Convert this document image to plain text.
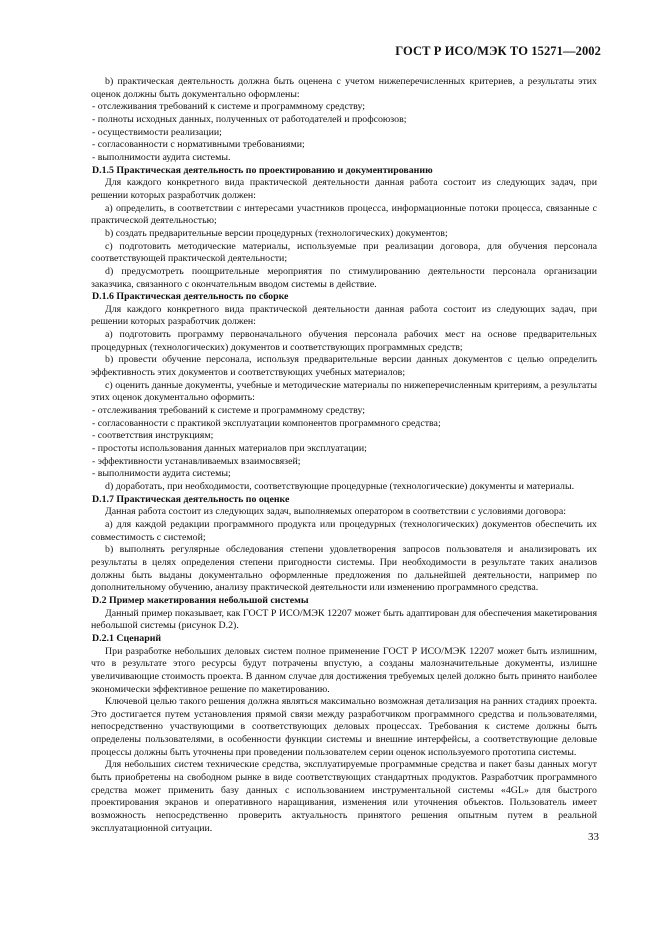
ГОСТ Р ИСО/МЭК ТО 15271—2002
b) практическая деятельность должна быть оценена с учетом нижеперечисленных критериев, а результаты этих оценок должны быть документально оформлены:
- отслеживания требований к системе и программному средству;
- полноты исходных данных, полученных от работодателей и профсоюзов;
- осуществимости реализации;
- согласованности с нормативными требованиями;
- выполнимости аудита системы.
D.1.5 Практическая деятельность по проектированию и документированию
Для каждого конкретного вида практической деятельности данная работа состоит из следующих задач, при решении которых разработчик должен:
а) определить, в соответствии с интересами участников процесса, информационные потоки процесса, связанные с практической деятельностью;
b) создать предварительные версии процедурных (технологических) документов;
c) подготовить методические материалы, используемые при реализации договора, для обучения персонала соответствующей практической деятельности;
d) предусмотреть поощрительные мероприятия по стимулированию деятельности персонала организации заказчика, связанного с окончательным вводом системы в действие.
D.1.6 Практическая деятельность по сборке
Для каждого конкретного вида практической деятельности данная работа состоит из следующих задач, при решении которых разработчик должен:
а) подготовить программу первоначального обучения персонала рабочих мест на основе предварительных процедурных (технологических) документов и соответствующих программных средств;
b) провести обучение персонала, используя предварительные версии данных документов с целью определить эффективность этих документов и соответствующих учебных материалов;
c) оценить данные документы, учебные и методические материалы по нижеперечисленным критериям, а результаты этих оценок документально оформить:
- отслеживания требований к системе и программному средству;
- согласованности с практикой эксплуатации компонентов программного средства;
- соответствия инструкциям;
- простоты использования данных материалов при эксплуатации;
- эффективности устанавливаемых взаимосвязей;
- выполнимости аудита системы;
d) доработать, при необходимости, соответствующие процедурные (технологические) документы и материалы.
D.1.7 Практическая деятельность по оценке
Данная работа состоит из следующих задач, выполняемых оператором в соответствии с условиями договора:
а) для каждой редакции программного продукта или процедурных (технологических) документов обеспечить их совместимость с системой;
b) выполнять регулярные обследования степени удовлетворения запросов пользователя и анализировать их результаты в целях определения степени пригодности системы. При необходимости в результате таких анализов должны быть выданы документально оформленные предложения по дальнейшей деятельности, например по дополнительному обучению, анализу практической деятельности или изменению программного средства.
D.2 Пример макетирования небольшой системы
Данный пример показывает, как ГОСТ Р ИСО/МЭК 12207 может быть адаптирован для обеспечения макетирования небольшой системы (рисунок D.2).
D.2.1 Сценарий
При разработке небольших деловых систем полное применение ГОСТ Р ИСО/МЭК 12207 может быть излишним, что в результате этого ресурсы будут потрачены впустую, а созданы малозначительные документы, излишне увеличивающие стоимость проекта. В данном случае для достижения требуемых целей должно быть принято наиболее экономически эффективное решение по макетированию.
Ключевой целью такого решения должна являться максимально возможная детализация на ранних стадиях проекта. Это достигается путем установления прямой связи между разработчиком программного средства и пользователями, непосредственно участвующими в соответствующих деловых процессах. Требования к системе должны быть определены пользователями, в особенности функции системы и внешние интерфейсы, а соответствующие деловые процессы должны быть уточнены при проведении пользователем серии оценок используемого прототипа системы.
Для небольших систем технические средства, эксплуатируемые программные средства и пакет базы данных могут быть приобретены на свободном рынке в виде соответствующих стандартных продуктов. Разработчик программного средства может применить базу данных с использованием инструментальной системы «4GL» для быстрого проектирования экранов и оперативного наращивания, изменения или уточнения объектов. Пользователь имеет возможность непосредственно проверить актуальность принятого решения опытным путем в реальной эксплуатационной ситуации.
33
